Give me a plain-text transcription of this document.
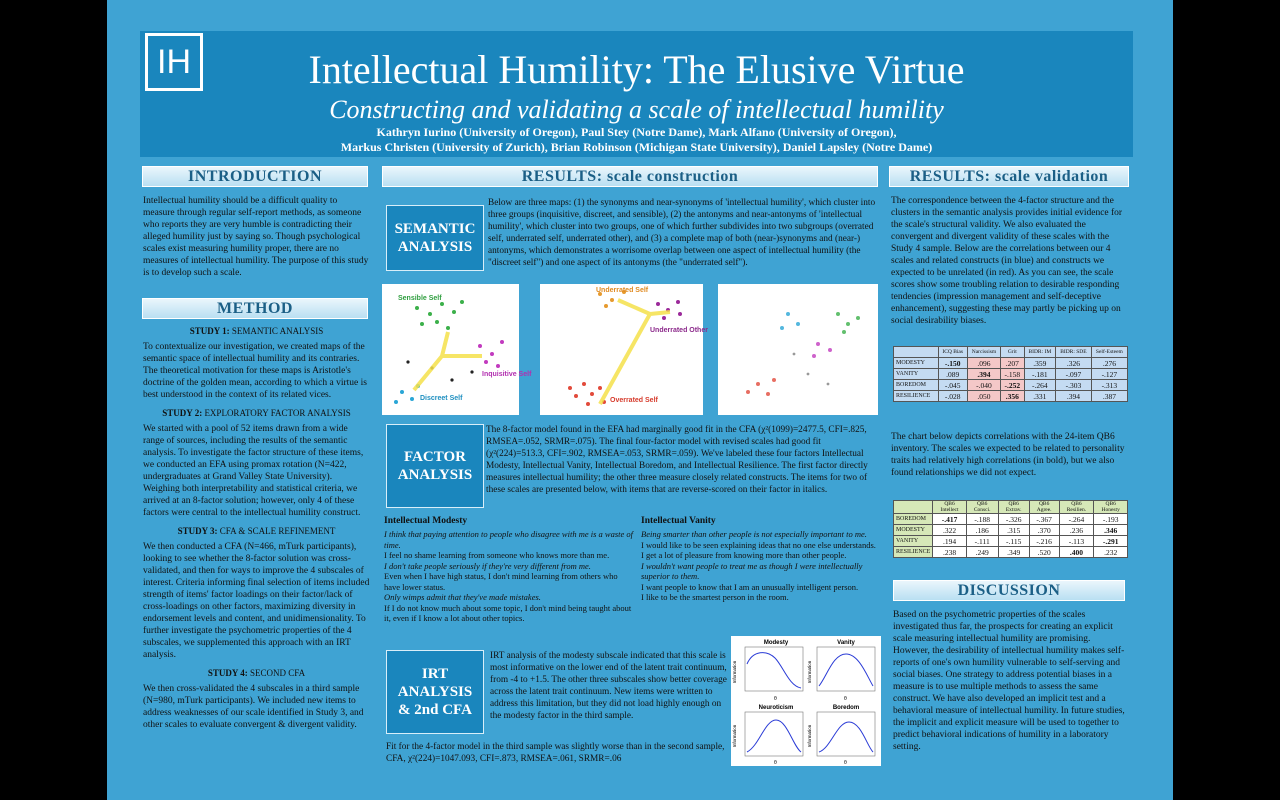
IH	Intellectual Humility: The Elusive Virtue
Constructing and validating a scale of intellectual humility
Kathryn Iurino (University of Oregon), Paul Stey (Notre Dame), Mark Alfano (University of Oregon),
Markus Christen (University of Zurich), Brian Robinson (Michigan State University), Daniel Lapsley (Notre Dame)
INTRODUCTION
Intellectual humility should be a difficult quality to measure through regular self-report methods, as someone who reports they are very humble is contradicting their alleged humility just by saying so. Though psychological scales exist measuring humility proper, there are no measures of intellectual humility. The purpose of this study is to develop such a scale.
METHOD
STUDY 1: SEMANTIC ANALYSIS

To contextualize our investigation, we created maps of the semantic space of intellectual humility and its contraries. The theoretical motivation for these maps is Aristotle's doctrine of the golden mean, according to which a virtue is best understood in the context of its related vices.

STUDY 2: EXPLORATORY FACTOR ANALYSIS

We started with a pool of 52 items drawn from a wide range of sources, including the results of the semantic analysis. To investigate the factor structure of these items, we conducted an EFA using promax rotation (N=422, undergraduates at Grand Valley State University). Weighing both interpretability and statistical criteria, we arrived at an 8-factor solution; however, only 4 of these factors were central to the intellectual humility construct.

STUDY 3: CFA & SCALE REFINEMENT

We then conducted a CFA (N=466, mTurk participants), looking to see whether the 8-factor solution was cross-validated, and then for ways to improve the 4 subscales of interest. Criteria informing final selection of items included strength of items' factor loadings on their factor/lack of cross-loadings on other factors, maximizing diversity in endorsement levels and content, and unidimensionality. To further investigate the psychometric properties of the 4 subscales, we supplemented this approach with an IRT analysis.

STUDY 4: SECOND CFA

We then cross-validated the 4 subscales in a third sample (N=980, mTurk participants). We included new items to address weaknesses of our scale identified in Study 3, and other scales to evaluate convergent & divergent validity.

RESULTS: scale construction
SEMANTIC
ANALYSIS
Below are three maps: (1) the synonyms and near-synonyms of 'intellectual humility', which cluster into three groups (inquisitive, discreet, and sensible), (2) the antonyms and near-antonyms of 'intellectual humility', which cluster into two groups, one of which further subdivides into two subgroups (overrated self, underrated self, underrated other), and (3) a complete map of both (near-)synonyms and (near-) antonyms, which demonstrates a worrisome overlap between one aspect of intellectual humility (the "discreet self") and one aspect of its antonyms (the "underrated self").
Sensible Self
Inquisitive Self
Discreet Self
Underrated Self
Underrated Other
Overrated Self
FACTOR
ANALYSIS
The 8-factor model found in the EFA had marginally good fit in the CFA (χ²(1099)=2477.5, CFI=.825, RMSEA=.052, SRMR=.075). The final four-factor model with revised scales had good fit (χ²(224)=513.3, CFI=.902, RMSEA=.053, SRMR=.059). We've labeled these four factors Intellectual Modesty, Intellectual Vanity, Intellectual Boredom, and Intellectual Resilience. The first factor directly measures intellectual humility; the other three measure closely related constructs. The items for two of these scales are presented below, with items that are reverse-scored on their factor in italics.
Intellectual Modesty
I think that paying attention to people who disagree with me is a waste of time.
I feel no shame learning from someone who knows more than me.
I don't take people seriously if they're very different from me.
Even when I have high status, I don't mind learning from others who have lower status.
Only wimps admit that they've made mistakes.
If I do not know much about some topic, I don't mind being taught about it, even if I know a lot about other topics.
Intellectual Vanity
Being smarter than other people is not especially important to me.
I would like to be seen explaining ideas that no one else understands.
I get a lot of pleasure from knowing more than other people.
I wouldn't want people to treat me as though I were intellectually superior to them.
I want people to know that I am an unusually intelligent person.
I like to be the smartest person in the room.
IRT
ANALYSIS
& 2nd CFA
IRT analysis of the modesty subscale indicated that this scale is most informative on the lower end of the latent trait continuum, from -4 to +1.5. The other three subscales show better coverage across the latent trait continuum. New items were written to address this limitation, but they did not load highly enough on the modesty factor in the third sample.
Modesty	Vanity
Neuroticism	Boredom
Information	Information
Information	Information
θ	θ
θ	θ
Fit for the 4-factor model in the third sample was slightly worse than in the second sample, CFA, χ²(224)=1047.093, CFI=.873, RMSEA=.061, SRMR=.06
RESULTS: scale validation
The correspondence between the 4-factor structure and the clusters in the semantic analysis provides initial evidence for the scale's structural validity. We also evaluated the convergent and divergent validity of these scales with the Study 4 sample. Below are the correlations between our 4 scales and related constructs (in blue) and constructs we expected to be unrelated (in red). As you can see, the scale scores show some troubling relation to desirable responding tendencies (impression management and self-deceptive enhancement), suggesting these may partly be picking up on social desirability biases.
	ICQ Bias	Narcissism	Grit	BIDR: IM	BIDR: SDE	Self-Esteem
MODESTY	-.150	.096	.207	.359	.326	.276
VANITY	.089	.394	-.158	-.181	-.097	-.127
BOREDOM	-.045	-.040	-.252	-.264	-.303	-.313
RESILIENCE	-.028	.050	.356	.331	.394	.387
The chart below depicts correlations with the 24-item QB6 inventory. The scales we expected to be related to personality traits had relatively high correlations (in bold), but we also found relationships we did not expect.
	QB6 Intellect	QB6 Consci.	QB6 Extrav.	QB6 Agree.	QB6 Resilien.	QB6 Honesty
BOREDOM	-.417	-.188	-.326	-.367	-.264	-.193
MODESTY	.322	.186	.315	.370	.236	.346
VANITY	.194	-.111	-.115	-.216	-.113	-.291
RESILIENCE	.238	.249	.349	.520	.400	.232
DISCUSSION
Based on the psychometric properties of the scales investigated thus far, the prospects for creating an explicit scale measuring intellectual humility are promising. However, the desirability of intellectual humility makes self-reports of one's own humility vulnerable to self-serving and social biases. One strategy to address potential biases in a measure is to use multiple methods to assess the same construct. We have also developed an implicit test and a behavioral measure of intellectual humility. In future studies, the implicit and explicit measure will be used to together to predict behavioral indications of humility in a laboratory setting.
